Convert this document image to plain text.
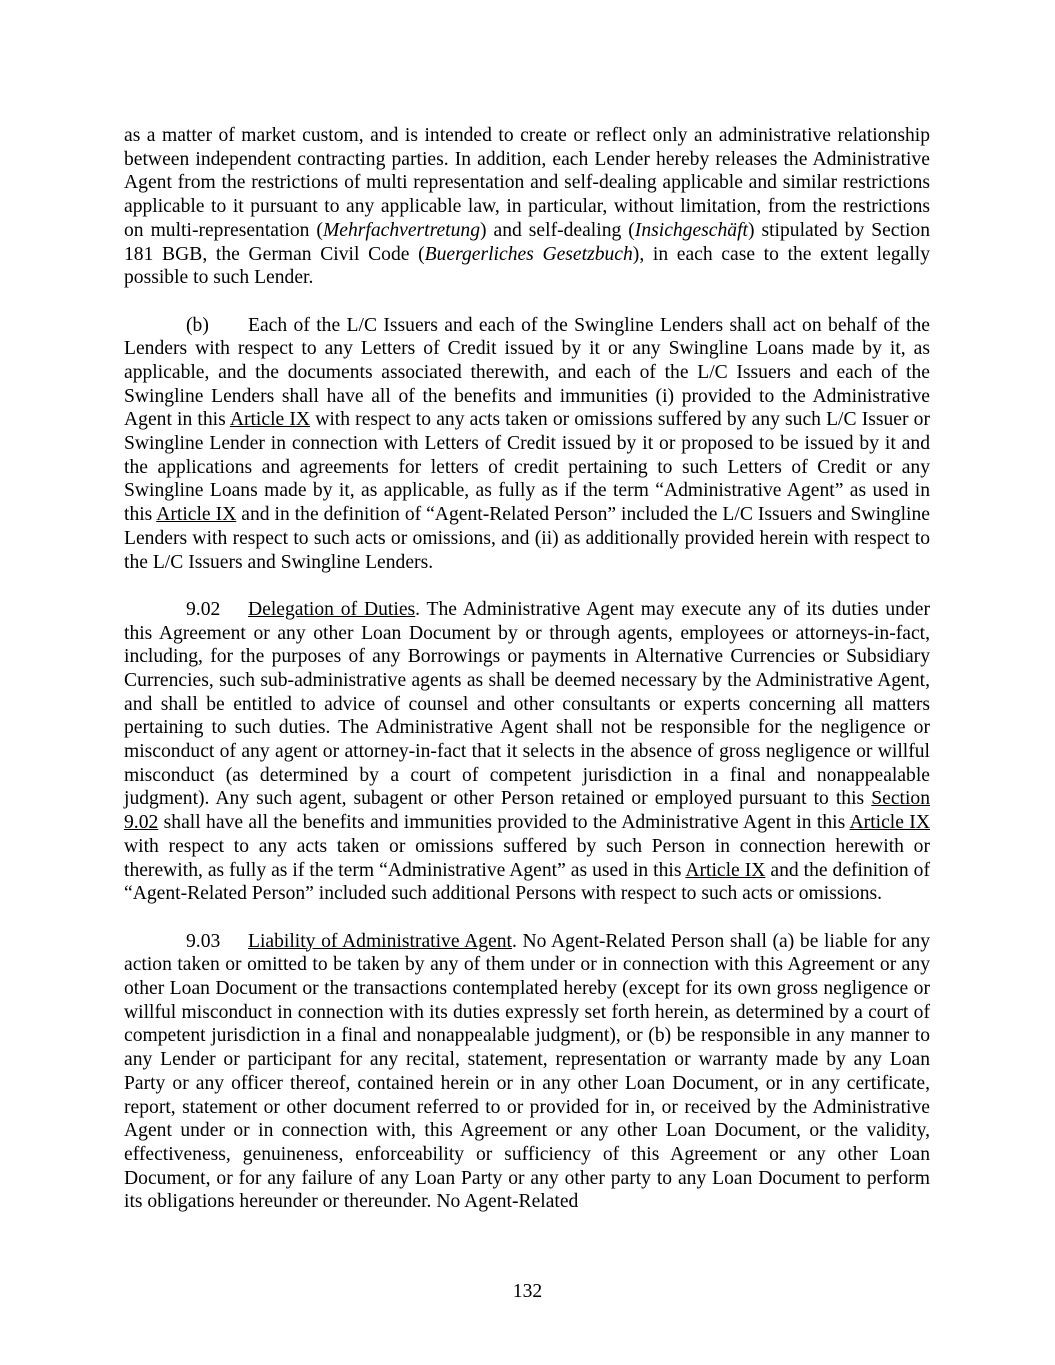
as a matter of market custom, and is intended to create or reflect only an administrative relationship between independent contracting parties. In addition, each Lender hereby releases the Administrative Agent from the restrictions of multi representation and self-dealing applicable and similar restrictions applicable to it pursuant to any applicable law, in particular, without limitation, from the restrictions on multi-representation (Mehrfachvertretung) and self-dealing (Insichgeschäft) stipulated by Section 181 BGB, the German Civil Code (Buergerliches Gesetzbuch), in each case to the extent legally possible to such Lender.

(b) Each of the L/C Issuers and each of the Swingline Lenders shall act on behalf of the Lenders with respect to any Letters of Credit issued by it or any Swingline Loans made by it, as applicable, and the documents associated therewith, and each of the L/C Issuers and each of the Swingline Lenders shall have all of the benefits and immunities (i) provided to the Administrative Agent in this Article IX with respect to any acts taken or omissions suffered by any such L/C Issuer or Swingline Lender in connection with Letters of Credit issued by it or proposed to be issued by it and the applications and agreements for letters of credit pertaining to such Letters of Credit or any Swingline Loans made by it, as applicable, as fully as if the term “Administrative Agent” as used in this Article IX and in the definition of “Agent-Related Person” included the L/C Issuers and Swingline Lenders with respect to such acts or omissions, and (ii) as additionally provided herein with respect to the L/C Issuers and Swingline Lenders.

9.02 Delegation of Duties. The Administrative Agent may execute any of its duties under this Agreement or any other Loan Document by or through agents, employees or attorneys-in-fact, including, for the purposes of any Borrowings or payments in Alternative Currencies or Subsidiary Currencies, such sub-administrative agents as shall be deemed necessary by the Administrative Agent, and shall be entitled to advice of counsel and other consultants or experts concerning all matters pertaining to such duties. The Administrative Agent shall not be responsible for the negligence or misconduct of any agent or attorney-in-fact that it selects in the absence of gross negligence or willful misconduct (as determined by a court of competent jurisdiction in a final and nonappealable judgment). Any such agent, subagent or other Person retained or employed pursuant to this Section 9.02 shall have all the benefits and immunities provided to the Administrative Agent in this Article IX with respect to any acts taken or omissions suffered by such Person in connection herewith or therewith, as fully as if the term “Administrative Agent” as used in this Article IX and the definition of “Agent-Related Person” included such additional Persons with respect to such acts or omissions.

9.03 Liability of Administrative Agent. No Agent-Related Person shall (a) be liable for any action taken or omitted to be taken by any of them under or in connection with this Agreement or any other Loan Document or the transactions contemplated hereby (except for its own gross negligence or willful misconduct in connection with its duties expressly set forth herein, as determined by a court of competent jurisdiction in a final and nonappealable judgment), or (b) be responsible in any manner to any Lender or participant for any recital, statement, representation or warranty made by any Loan Party or any officer thereof, contained herein or in any other Loan Document, or in any certificate, report, statement or other document referred to or provided for in, or received by the Administrative Agent under or in connection with, this Agreement or any other Loan Document, or the validity, effectiveness, genuineness, enforceability or sufficiency of this Agreement or any other Loan Document, or for any failure of any Loan Party or any other party to any Loan Document to perform its obligations hereunder or thereunder. No Agent-Related

132
